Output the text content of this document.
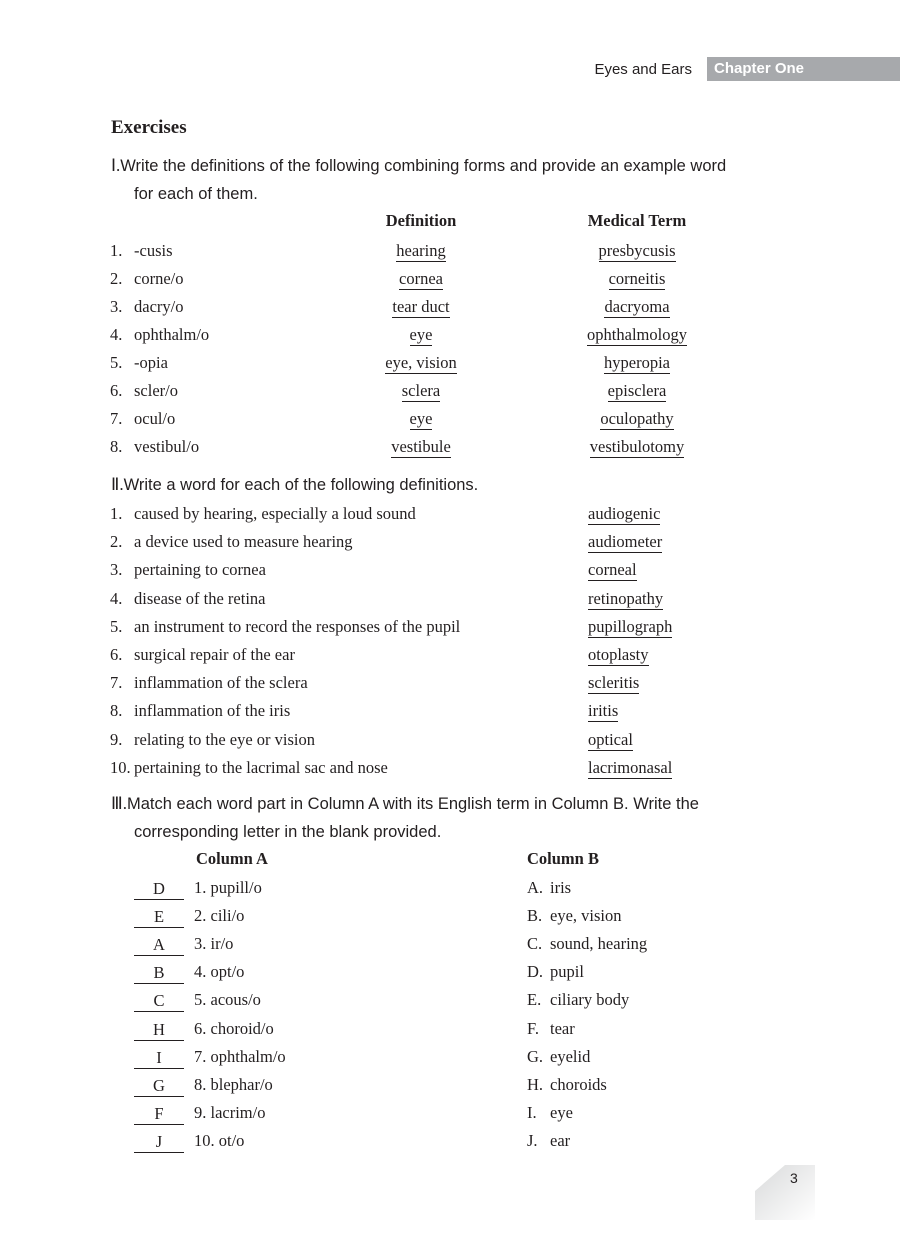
Eyes and Ears	Chapter One
Exercises
Ⅰ.Write the definitions of the following combining forms and provide an example word
for each of them.
Definition	Medical Term
1. -cusis	hearing	presbycusis
2. corne/o	cornea	corneitis
3. dacry/o	tear duct	dacryoma
4. ophthalm/o	eye	ophthalmology
5. -opia	eye, vision	hyperopia
6. scler/o	sclera	episclera
7. ocul/o	eye	oculopathy
8. vestibul/o	vestibule	vestibulotomy
Ⅱ.Write a word for each of the following definitions.
1. caused by hearing, especially a loud sound	audiogenic
2. a device used to measure hearing	audiometer
3. pertaining to cornea	corneal
4. disease of the retina	retinopathy
5. an instrument to record the responses of the pupil	pupillograph
6. surgical repair of the ear	otoplasty
7. inflammation of the sclera	scleritis
8. inflammation of the iris	iritis
9. relating to the eye or vision	optical
10. pertaining to the lacrimal sac and nose	lacrimonasal
Ⅲ.Match each word part in Column A with its English term in Column B. Write the
corresponding letter in the blank provided.
Column A	Column B
D	1. pupill/o	A. iris
E	2. cili/o	B. eye, vision
A	3. ir/o	C. sound, hearing
B	4. opt/o	D. pupil
C	5. acous/o	E. ciliary body
H	6. choroid/o	F. tear
I	7. ophthalm/o	G. eyelid
G	8. blephar/o	H. choroids
F	9. lacrim/o	I. eye
J	10. ot/o	J. ear
3
